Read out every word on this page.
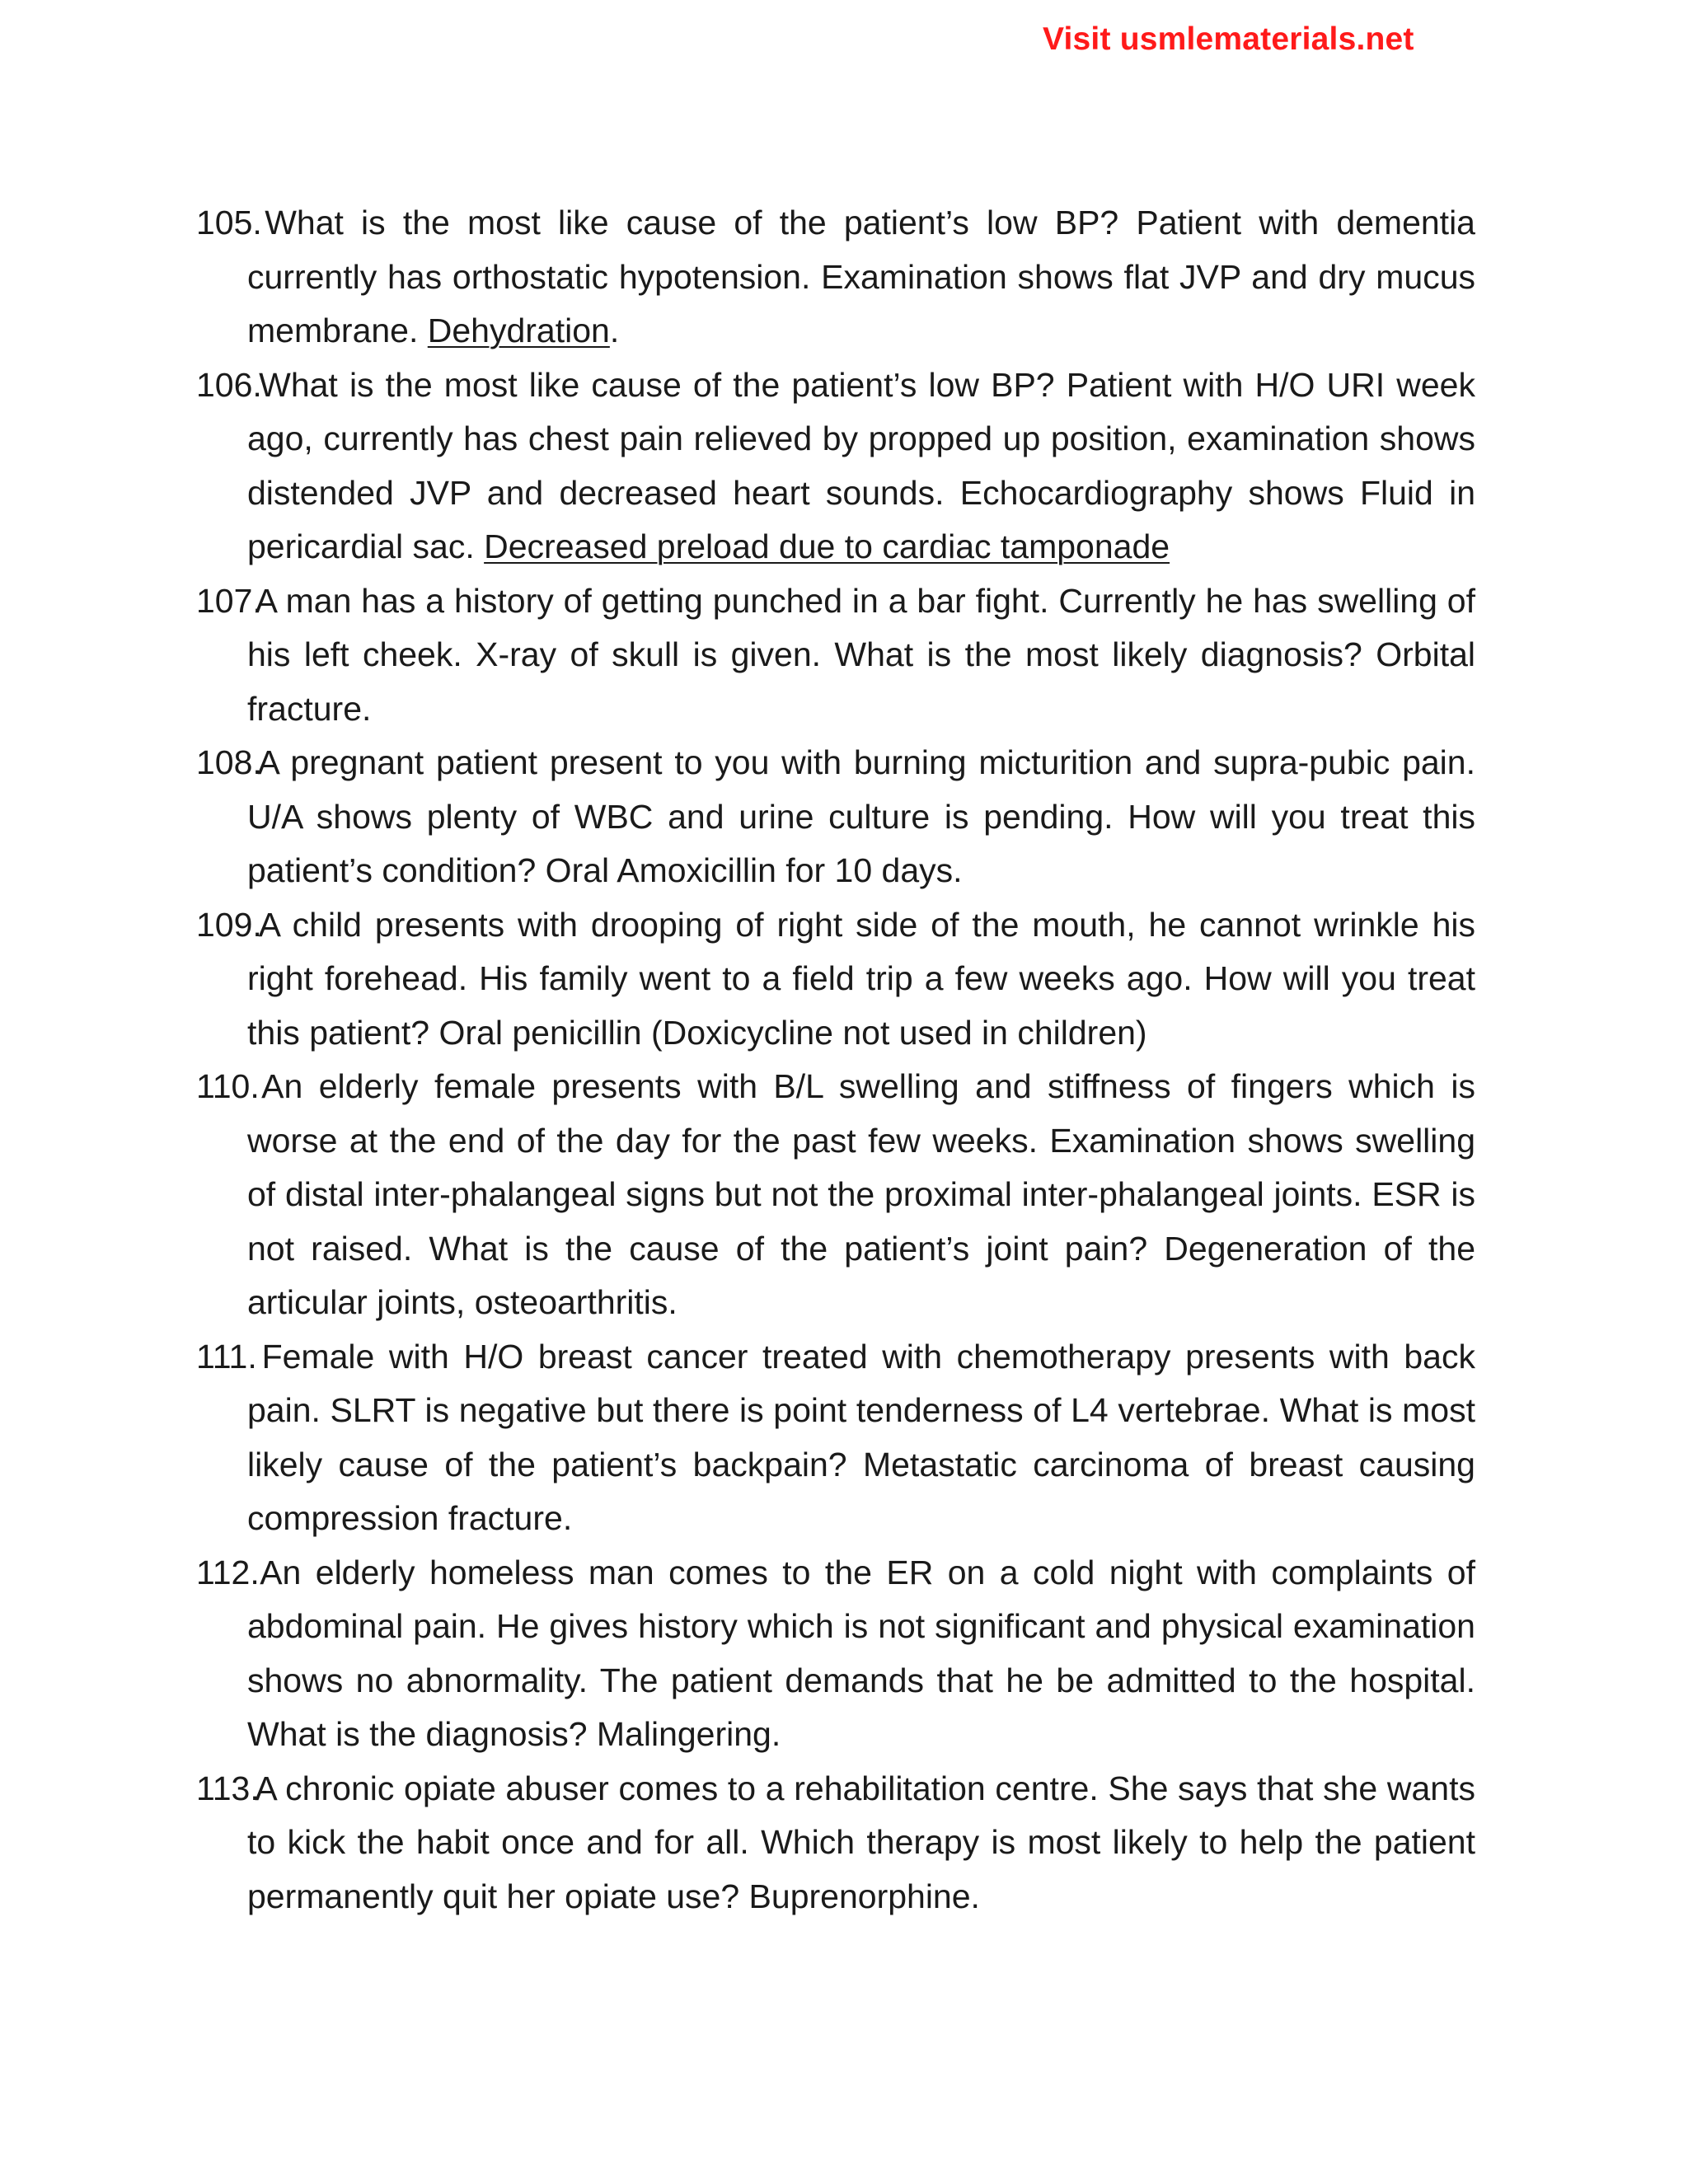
Visit usmlematerials.net
105. What is the most like cause of the patient’s low BP? Patient with dementia currently has orthostatic hypotension. Examination shows flat JVP and dry mucus membrane. Dehydration.
106. What is the most like cause of the patient’s low BP? Patient with H/O URI week ago, currently has chest pain relieved by propped up position, examination shows distended JVP and decreased heart sounds. Echocardiography shows Fluid in pericardial sac. Decreased preload due to cardiac tamponade
107. A man has a history of getting punched in a bar fight. Currently he has swelling of his left cheek. X-ray of skull is given. What is the most likely diagnosis? Orbital fracture.
108. A pregnant patient present to you with burning micturition and supra-pubic pain. U/A shows plenty of WBC and urine culture is pending. How will you treat this patient’s condition? Oral Amoxicillin for 10 days.
109. A child presents with drooping of right side of the mouth, he cannot wrinkle his right forehead. His family went to a field trip a few weeks ago. How will you treat this patient? Oral penicillin (Doxicycline not used in children)
110. An elderly female presents with B/L swelling and stiffness of fingers which is worse at the end of the day for the past few weeks. Examination shows swelling of distal inter-phalangeal signs but not the proximal inter-phalangeal joints. ESR is not raised. What is the cause of the patient’s joint pain? Degeneration of the articular joints, osteoarthritis.
111. Female with H/O breast cancer treated with chemotherapy presents with back pain. SLRT is negative but there is point tenderness of L4 vertebrae. What is most likely cause of the patient’s backpain? Metastatic carcinoma of breast causing compression fracture.
112. An elderly homeless man comes to the ER on a cold night with complaints of abdominal pain. He gives history which is not significant and physical examination shows no abnormality. The patient demands that he be admitted to the hospital. What is the diagnosis? Malingering.
113. A chronic opiate abuser comes to a rehabilitation centre. She says that she wants to kick the habit once and for all. Which therapy is most likely to help the patient permanently quit her opiate use? Buprenorphine.
